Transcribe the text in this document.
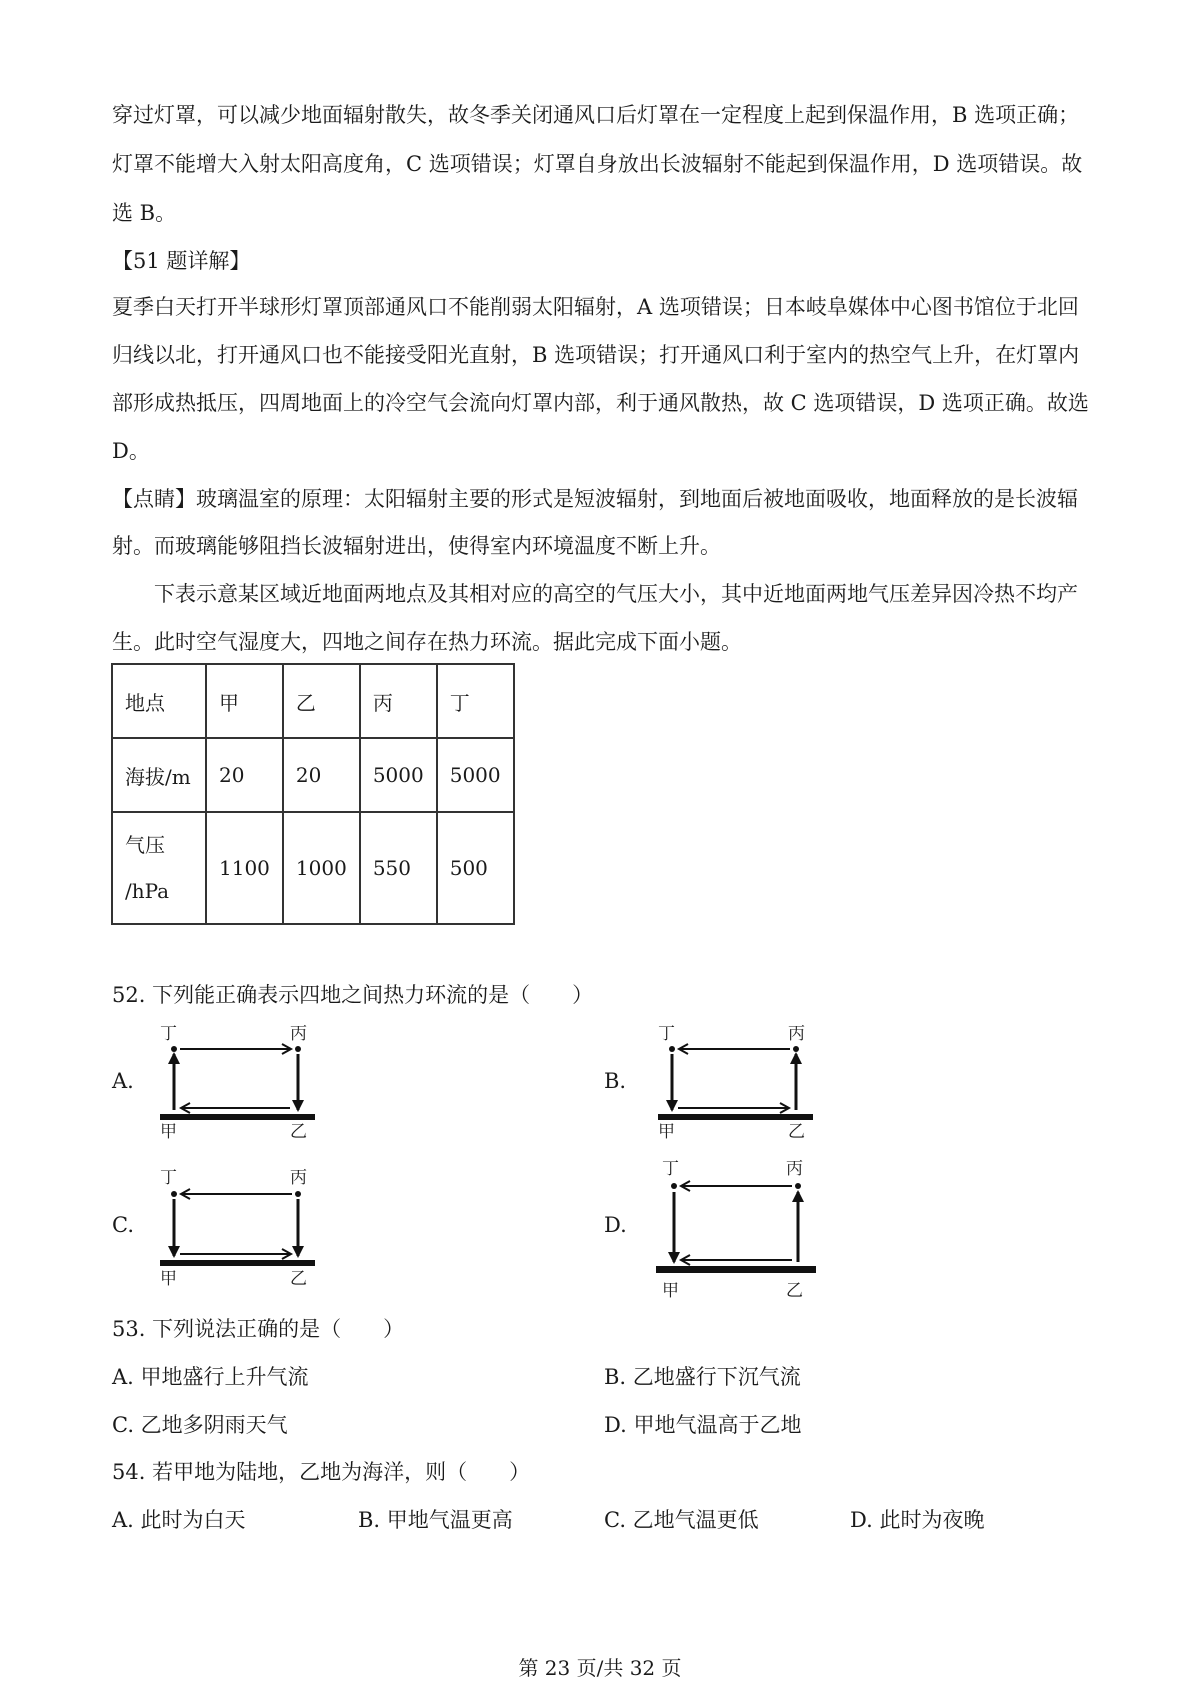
穿过灯罩，可以减少地面辐射散失，故冬季关闭通风口后灯罩在一定程度上起到保温作用，B 选项正确；
灯罩不能增大入射太阳高度角，C 选项错误；灯罩自身放出长波辐射不能起到保温作用，D 选项错误。故
选 B。
【51 题详解】
夏季白天打开半球形灯罩顶部通风口不能削弱太阳辐射，A 选项错误；日本岐阜媒体中心图书馆位于北回
归线以北，打开通风口也不能接受阳光直射，B 选项错误；打开通风口利于室内的热空气上升，在灯罩内
部形成热抵压，四周地面上的冷空气会流向灯罩内部，利于通风散热，故 C 选项错误，D 选项正确。故选
D。
【点睛】玻璃温室的原理：太阳辐射主要的形式是短波辐射，到地面后被地面吸收，地面释放的是长波辐
射。而玻璃能够阻挡长波辐射进出，使得室内环境温度不断上升。
下表示意某区域近地面两地点及其相对应的高空的气压大小，其中近地面两地气压差异因冷热不均产
生。此时空气湿度大，四地之间存在热力环流。据此完成下面小题。
地点	甲	乙	丙	丁
海拔/m	20	20	5000	5000

气压
/hPa	1100	1000	550	500
52. 下列能正确表示四地之间热力环流的是（　　）
A.
丁	丙
甲	乙
B.
丁	丙
甲	乙
C.
丁	丙
甲	乙
D.
丁	丙
甲	乙
53. 下列说法正确的是（　　）
A. 甲地盛行上升气流	B. 乙地盛行下沉气流
C. 乙地多阴雨天气	D. 甲地气温高于乙地
54. 若甲地为陆地，乙地为海洋，则（　　）
A. 此时为白天	B. 甲地气温更高	C. 乙地气温更低	D. 此时为夜晚
第 23 页/共 32 页
